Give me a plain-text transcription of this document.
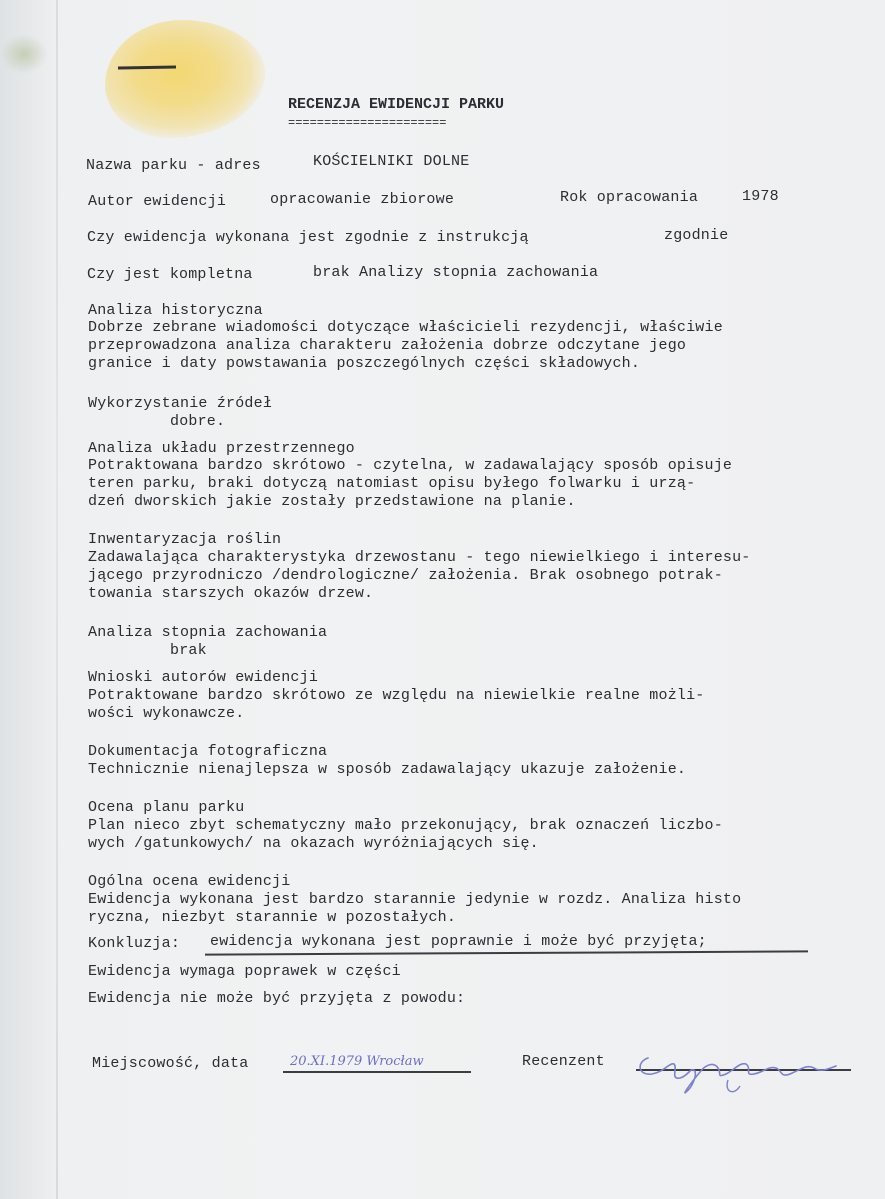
RECENZJA EWIDENCJI PARKU
======================
Nazwa parku - adres	KOŚCIELNIKI DOLNE
Autor ewidencji	opracowanie zbiorowe	Rok opracowania	1978
Czy ewidencja wykonana jest zgodnie z instrukcją	zgodnie
Czy jest kompletna	brak Analizy stopnia zachowania
Analiza historyczna
Dobrze zebrane wiadomości dotyczące właścicieli rezydencji, właściwie
przeprowadzona analiza charakteru założenia dobrze odczytane jego
granice i daty powstawania poszczególnych części składowych.
Wykorzystanie źródeł
dobre.
Analiza układu przestrzennego
Potraktowana bardzo skrótowo - czytelna, w zadawalający sposób opisuje
teren parku, braki dotyczą natomiast opisu byłego folwarku i urzą-
dzeń dworskich jakie zostały przedstawione na planie.
Inwentaryzacja roślin
Zadawalająca charakterystyka drzewostanu - tego niewielkiego i interesu-
jącego przyrodniczo /dendrologiczne/ założenia. Brak osobnego potrak-
towania starszych okazów drzew.
Analiza stopnia zachowania
brak
Wnioski autorów ewidencji
Potraktowane bardzo skrótowo ze względu na niewielkie realne możli-
wości wykonawcze.
Dokumentacja fotograficzna
Technicznie nienajlepsza w sposób zadawalający ukazuje założenie.
Ocena planu parku
Plan nieco zbyt schematyczny mało przekonujący, brak oznaczeń liczbo-
wych /gatunkowych/ na okazach wyróżniających się.
Ogólna ocena ewidencji
Ewidencja wykonana jest bardzo starannie jedynie w rozdz. Analiza histo
ryczna, niezbyt starannie w pozostałych.
Konkluzja: ewidencja wykonana jest poprawnie i może być przyjęta;
Ewidencja wymaga poprawek w części
Ewidencja nie może być przyjęta z powodu:
Miejscowość, data	20.XI.1979 Wrocław	Recenzent
